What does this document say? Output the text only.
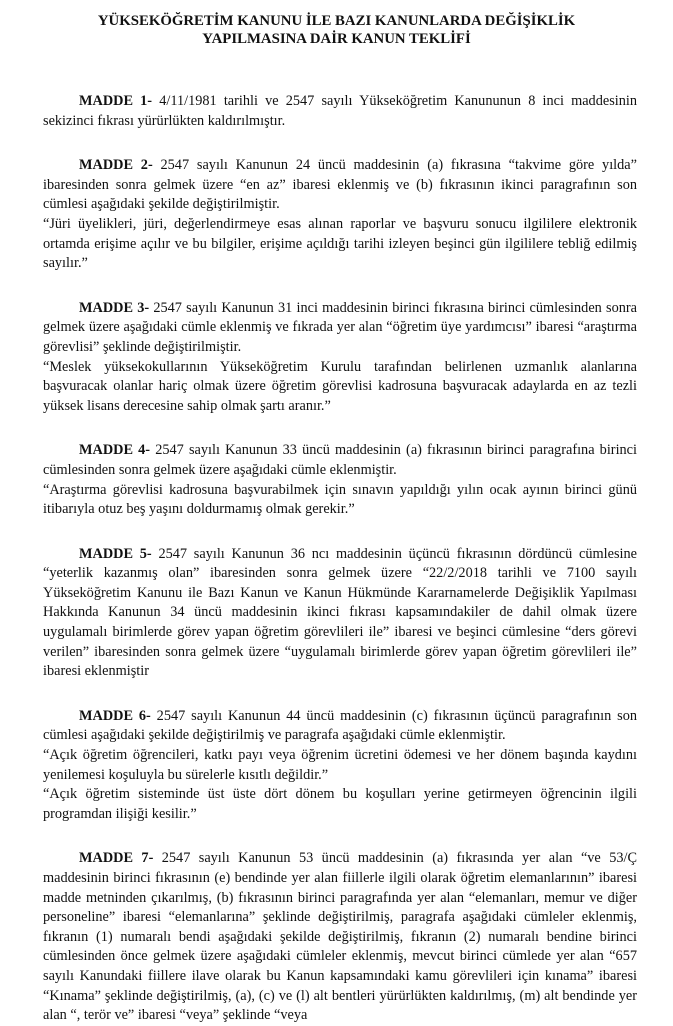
YÜKSEKÖĞRETİM KANUNU İLE BAZI KANUNLARDA DEĞİŞİKLİK
YAPILMASINA DAİR KANUN TEKLİFİ

MADDE 1- 4/11/1981 tarihli ve 2547 sayılı Yükseköğretim Kanununun 8 inci maddesinin sekizinci fıkrası yürürlükten kaldırılmıştır.

MADDE 2- 2547 sayılı Kanunun 24 üncü maddesinin (a) fıkrasına “takvime göre yılda” ibaresinden sonra gelmek üzere “en az” ibaresi eklenmiş ve (b) fıkrasının ikinci paragrafının son cümlesi aşağıdaki şekilde değiştirilmiştir.

“Jüri üyelikleri, jüri, değerlendirmeye esas alınan raporlar ve başvuru sonucu ilgililere elektronik ortamda erişime açılır ve bu bilgiler, erişime açıldığı tarihi izleyen beşinci gün ilgililere tebliğ edilmiş sayılır.”

MADDE 3- 2547 sayılı Kanunun 31 inci maddesinin birinci fıkrasına birinci cümlesinden sonra gelmek üzere aşağıdaki cümle eklenmiş ve fıkrada yer alan “öğretim üye yardımcısı” ibaresi “araştırma görevlisi” şeklinde değiştirilmiştir.

“Meslek yüksekokullarının Yükseköğretim Kurulu tarafından belirlenen uzmanlık alanlarına başvuracak olanlar hariç olmak üzere öğretim görevlisi kadrosuna başvuracak adaylarda en az tezli yüksek lisans derecesine sahip olmak şartı aranır.”

MADDE 4- 2547 sayılı Kanunun 33 üncü maddesinin (a) fıkrasının birinci paragrafına birinci cümlesinden sonra gelmek üzere aşağıdaki cümle eklenmiştir.

“Araştırma görevlisi kadrosuna başvurabilmek için sınavın yapıldığı yılın ocak ayının birinci günü itibarıyla otuz beş yaşını doldurmamış olmak gerekir.”

MADDE 5- 2547 sayılı Kanunun 36 ncı maddesinin üçüncü fıkrasının dördüncü cümlesine “yeterlik kazanmış olan” ibaresinden sonra gelmek üzere “22/2/2018 tarihli ve 7100 sayılı Yükseköğretim Kanunu ile Bazı Kanun ve Kanun Hükmünde Kararnamelerde Değişiklik Yapılması Hakkında Kanunun 34 üncü maddesinin ikinci fıkrası kapsamındakiler de dahil olmak üzere uygulamalı birimlerde görev yapan öğretim görevlileri ile” ibaresi ve beşinci cümlesine “ders görevi verilen” ibaresinden sonra gelmek üzere “uygulamalı birimlerde görev yapan öğretim görevlileri ile” ibaresi eklenmiştir

MADDE 6- 2547 sayılı Kanunun 44 üncü maddesinin (c) fıkrasının üçüncü paragrafının son cümlesi aşağıdaki şekilde değiştirilmiş ve paragrafa aşağıdaki cümle eklenmiştir.

“Açık öğretim öğrencileri, katkı payı veya öğrenim ücretini ödemesi ve her dönem başında kaydını yenilemesi koşuluyla bu sürelerle kısıtlı değildir.”

“Açık öğretim sisteminde üst üste dört dönem bu koşulları yerine getirmeyen öğrencinin ilgili programdan ilişiği kesilir.”

MADDE 7- 2547 sayılı Kanunun 53 üncü maddesinin (a) fıkrasında yer alan “ve 53/Ç maddesinin birinci fıkrasının (e) bendinde yer alan fiillerle ilgili olarak öğretim elemanlarının” ibaresi madde metninden çıkarılmış, (b) fıkrasının birinci paragrafında yer alan “elemanları, memur ve diğer personeline” ibaresi “elemanlarına” şeklinde değiştirilmiş, paragrafa aşağıdaki cümleler eklenmiş, fıkranın (1) numaralı bendi aşağıdaki şekilde değiştirilmiş, fıkranın (2) numaralı bendine birinci cümlesinden önce gelmek üzere aşağıdaki cümleler eklenmiş, mevcut birinci cümlede yer alan “657 sayılı Kanundaki fiillere ilave olarak bu Kanun kapsamındaki kamu görevlileri için kınama” ibaresi “Kınama” şeklinde değiştirilmiş, (a), (c) ve (l) alt bentleri yürürlükten kaldırılmış, (m) alt bendinde yer alan “, terör ve” ibaresi “veya” şeklinde “veya
